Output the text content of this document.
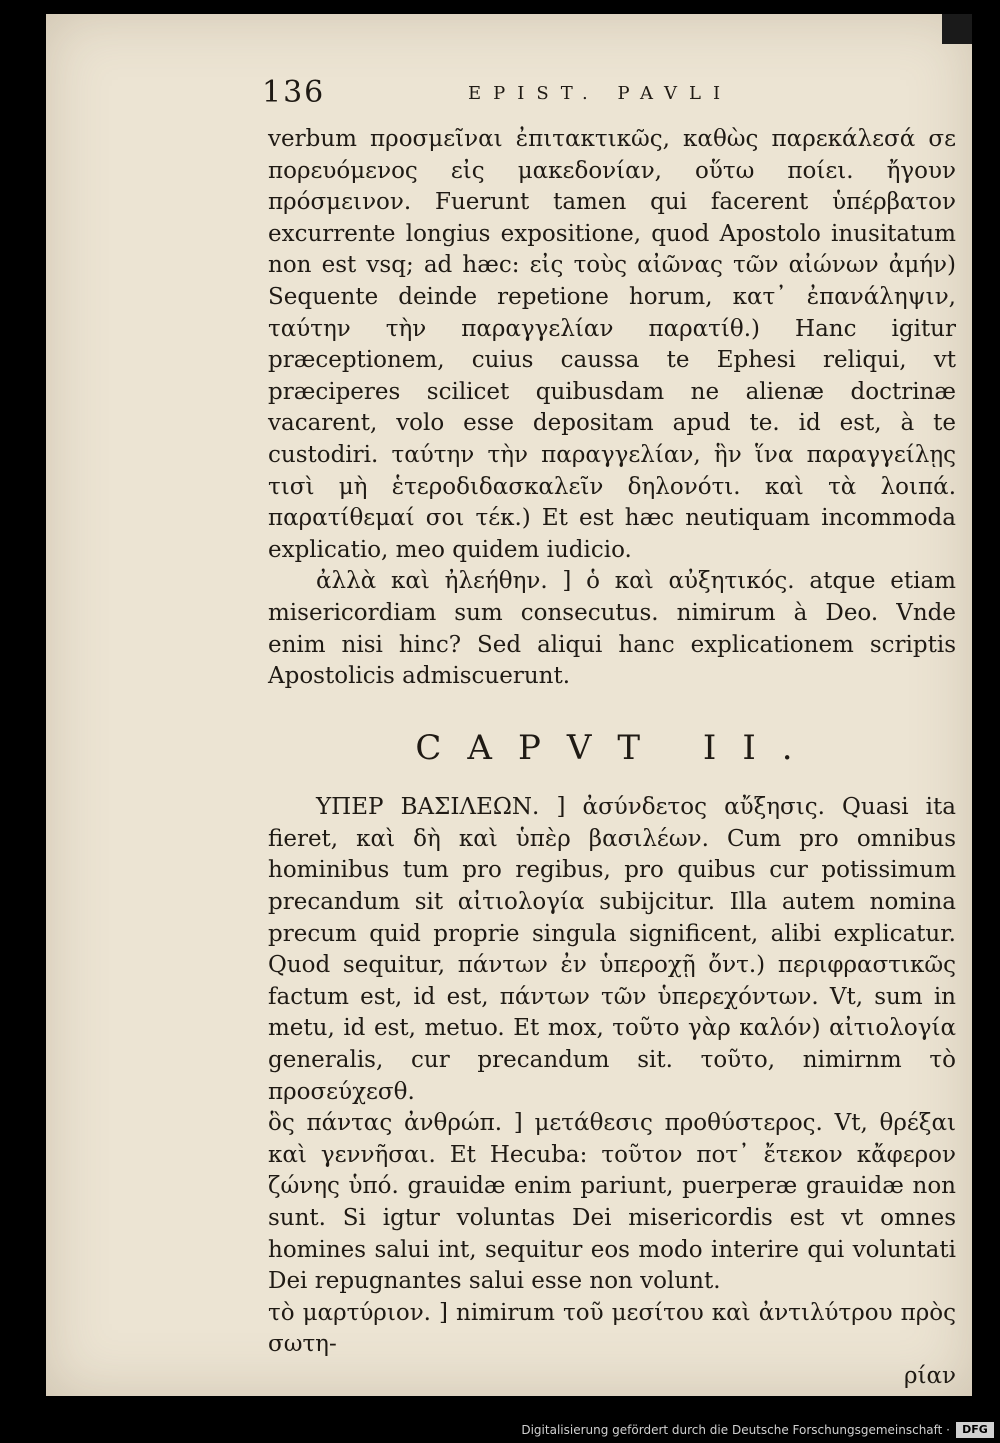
136	EPIST. PAVLI

verbum προσμεῖναι ἐπιτακτικῶς, καθὼς παρεκάλεσά σε πορευόμενος εἰς μακεδονίαν, οὕτω ποίει. ἤγουν πρόσμεινον. Fuerunt tamen qui facerent ὑπέρβατον excurrente longius expositione, quod Apostolo inusitatum non est vsq; ad hæc: εἰς τοὺς αἰῶνας τῶν αἰώνων ἀμήν) Sequente deinde repetione horum, κατ᾽ ἐπανάληψιν, ταύτην τὴν παραγγελίαν παρατίθ.) Hanc igitur præceptionem, cuius caussa te Ephesi reliqui, vt præciperes scilicet quibusdam ne alienæ doctrinæ vacarent, volo esse depositam apud te. id est, à te custodiri. ταύτην τὴν παραγγελίαν, ἣν ἵνα παραγγείλῃς τισὶ μὴ ἑτεροδιδασκαλεῖν δηλονότι. καὶ τὰ λοιπά. παρατίθεμαί σοι τέκ.) Et est hæc neutiquam incommoda explicatio, meo quidem iudicio.

ἀλλὰ καὶ ἠλεήθην. ] ὁ καὶ αὐξητικός. atque etiam misericordiam sum consecutus. nimirum à Deo. Vnde enim nisi hinc? Sed aliqui hanc explicationem scriptis Apostolicis admiscuerunt.

CAPVT II.

ΥΠΕΡ ΒΑΣΙΛΕΩΝ. ] ἀσύνδετος αὔξησις. Quasi ita fieret, καὶ δὴ καὶ ὑπὲρ βασιλέων. Cum pro omnibus hominibus tum pro regibus, pro quibus cur potissimum precandum sit αἰτιολογία subijcitur. Illa autem nomina precum quid proprie singula significent, alibi explicatur. Quod sequitur, πάντων ἐν ὑπεροχῇ ὄντ.) περιφραστικῶς factum est, id est, πάντων τῶν ὑπερεχόντων. Vt, sum in metu, id est, metuo. Et mox, τοῦτο γὰρ καλόν) αἰτιολογία generalis, cur precandum sit. τοῦτο, nimirnm τὸ προσεύχεσθ.

ὃς πάντας ἀνθρώπ. ] μετάθεσις προθύστερος. Vt, θρέξαι καὶ γεννῆσαι. Et Hecuba: τοῦτον ποτ᾽ ἔτεκον κἄφερον ζώνης ὑπό. grauidæ enim pariunt, puerperæ grauidæ non sunt. Si igtur voluntas Dei misericordis est vt omnes homines salui int, sequitur eos modo interire qui voluntati Dei repugnantes salui esse non volunt.

τὸ μαρτύριον. ] nimirum τοῦ μεσίτου καὶ ἀντιλύτρου πρὸς σωτη-

ρίαν
Digitalisierung gefördert durch die Deutsche Forschungsgemeinschaft ·	DFG
